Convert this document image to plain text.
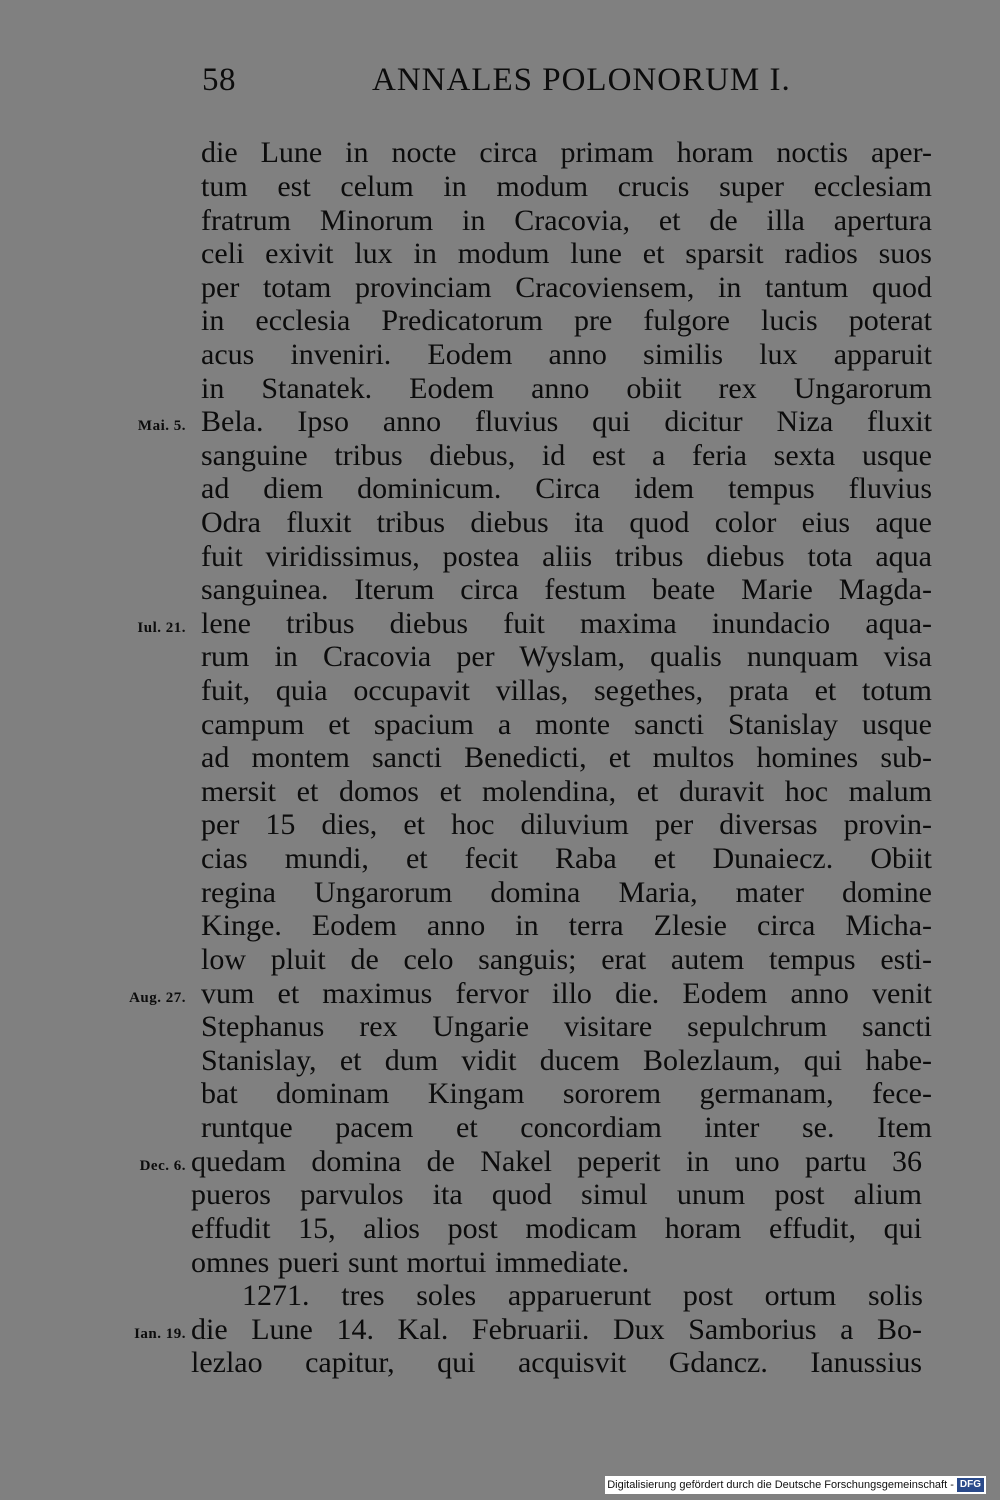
58	ANNALES POLONORUM I.
die Lune in nocte circa primam horam noctis aper-
tum est celum in modum crucis super ecclesiam
fratrum Minorum in Cracovia, et de illa apertura
celi exivit lux in modum lune et sparsit radios suos
per totam provinciam Cracoviensem, in tantum quod
in ecclesia Predicatorum pre fulgore lucis poterat
acus inveniri. Eodem anno similis lux apparuit
in Stanatek. Eodem anno obiit rex Ungarorum
Mai. 5. Bela. Ipso anno fluvius qui dicitur Niza fluxit
sanguine tribus diebus, id est a feria sexta usque
ad diem dominicum. Circa idem tempus fluvius
Odra fluxit tribus diebus ita quod color eius aque
fuit viridissimus, postea aliis tribus diebus tota aqua
sanguinea. Iterum circa festum beate Marie Magda-
Iul. 21. lene tribus diebus fuit maxima inundacio aqua-
rum in Cracovia per Wyslam, qualis nunquam visa
fuit, quia occupavit villas, segethes, prata et totum
campum et spacium a monte sancti Stanislay usque
ad montem sancti Benedicti, et multos homines sub-
mersit et domos et molendina, et duravit hoc malum
per 15 dies, et hoc diluvium per diversas provin-
cias mundi, et fecit Raba et Dunaiecz. Obiit
regina Ungarorum domina Maria, mater domine
Kinge. Eodem anno in terra Zlesie circa Micha-
low pluit de celo sanguis; erat autem tempus esti-
Aug. 27. vum et maximus fervor illo die. Eodem anno venit
Stephanus rex Ungarie visitare sepulchrum sancti
Stanislay, et dum vidit ducem Bolezlaum, qui habe-
bat dominam Kingam sororem germanam, fece-
runtque pacem et concordiam inter se. Item
Dec. 6. quedam domina de Nakel peperit in uno partu 36
pueros parvulos ita quod simul unum post alium
effudit 15, alios post modicam horam effudit, qui
omnes pueri sunt mortui immediate.
1271. tres soles apparuerunt post ortum solis
Ian. 19. die Lune 14. Kal. Februarii. Dux Samborius a Bo-
lezlao capitur, qui acquisvit Gdancz. Ianussius
Digitalisierung gefördert durch die Deutsche Forschungsgemeinschaft - DFG
